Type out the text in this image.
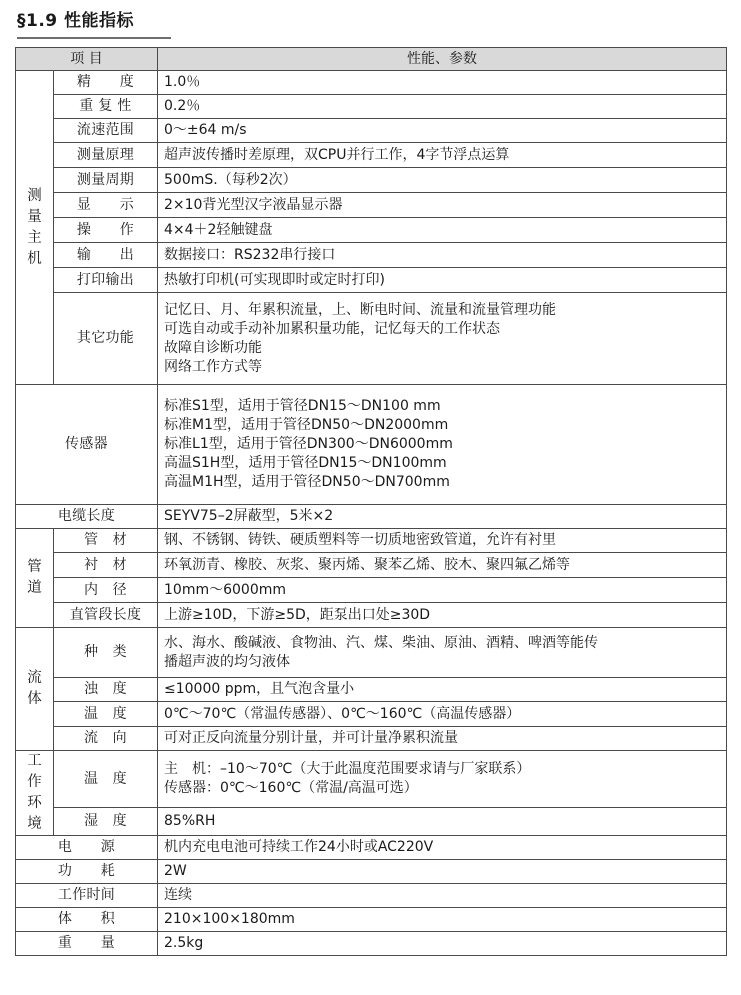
§1.9 性能指标
项 目		性能、参数
测量主机	精　　度	1.0％
	重 复 性	0.2％
	流速范围	0～±64 m/s
	测量原理	超声波传播时差原理，双CPU并行工作，4字节浮点运算
	测量周期	500mS.（每秒2次）
	显　　示	2×10背光型汉字液晶显示器
	操　　作	4×4＋2轻触键盘
	输　　出	数据接口：RS232串行接口
	打印输出	热敏打印机(可实现即时或定时打印)
	其它功能	记忆日、月、年累积流量，上、断电时间、流量和流量管理功能
可选自动或手动补加累积量功能，记忆每天的工作状态
故障自诊断功能
网络工作方式等

传感器		标准S1型，适用于管径DN15～DN100 mm
标准M1型，适用于管径DN50～DN2000mm
标准L1型，适用于管径DN300～DN6000mm
高温S1H型，适用于管径DN15～DN100mm
高温M1H型，适用于管径DN50～DN700mm

电缆长度		SEYV75–2屏蔽型，5米×2
管道	管　材	钢、不锈钢、铸铁、硬质塑料等一切质地密致管道，允许有衬里
	衬　材	环氧沥青、橡胶、灰浆、聚丙烯、聚苯乙烯、胶木、聚四氟乙烯等
	内　径	10mm～6000mm
	直管段长度	上游≥10D，下游≥5D，距泵出口处≥30D
流体	种　类	水、海水、酸碱液、食物油、汽、煤、柴油、原油、酒精、啤酒等能传
播超声波的均匀液体

	浊　度	≤10000 ppm，且气泡含量小
	温　度	0℃～70℃（常温传感器）、0℃～160℃（高温传感器）
	流　向	可对正反向流量分别计量，并可计量净累积流量
工作环境	温　度	主　机：–10～70℃（大于此温度范围要求请与厂家联系）
传感器：0℃～160℃（常温/高温可选）

	湿　度	85%RH
电　　源		机内充电电池可持续工作24小时或AC220V
功　　耗		2W
工作时间		连续
体　　积		210×100×180mm
重　　量		2.5kg
